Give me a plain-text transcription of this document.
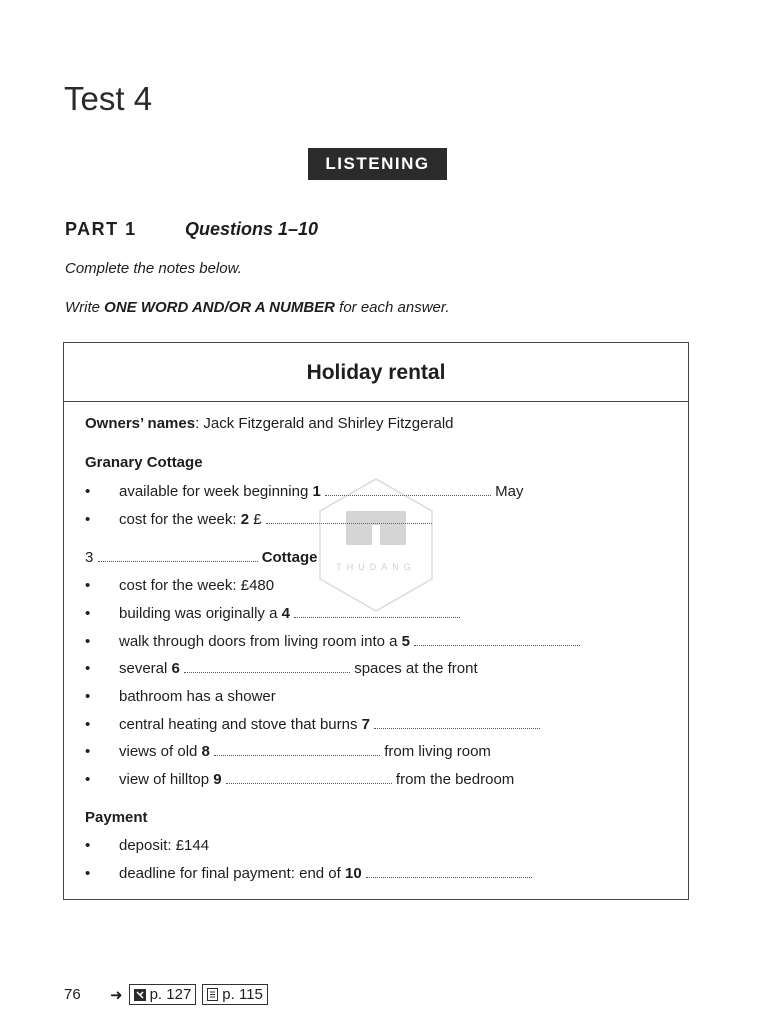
Test 4
LISTENING
PART 1	Questions 1–10
Complete the notes below.
Write ONE WORD AND/OR A NUMBER for each answer.
Holiday rental
Owners’ names: Jack Fitzgerald and Shirley Fitzgerald
Granary Cottage
• available for week beginning 1	May
• cost for the week: 2 £
3	Cottage
• cost for the week: £480
• building was originally a 4
• walk through doors from living room into a 5
• several 6	spaces at the front
• bathroom has a shower
• central heating and stove that burns 7
• views of old 8	from living room
• view of hilltop 9	from the bedroom
Payment
• deposit: £144
• deadline for final payment: end of 10
THUDANG
76 ➜ p. 127 p. 115
